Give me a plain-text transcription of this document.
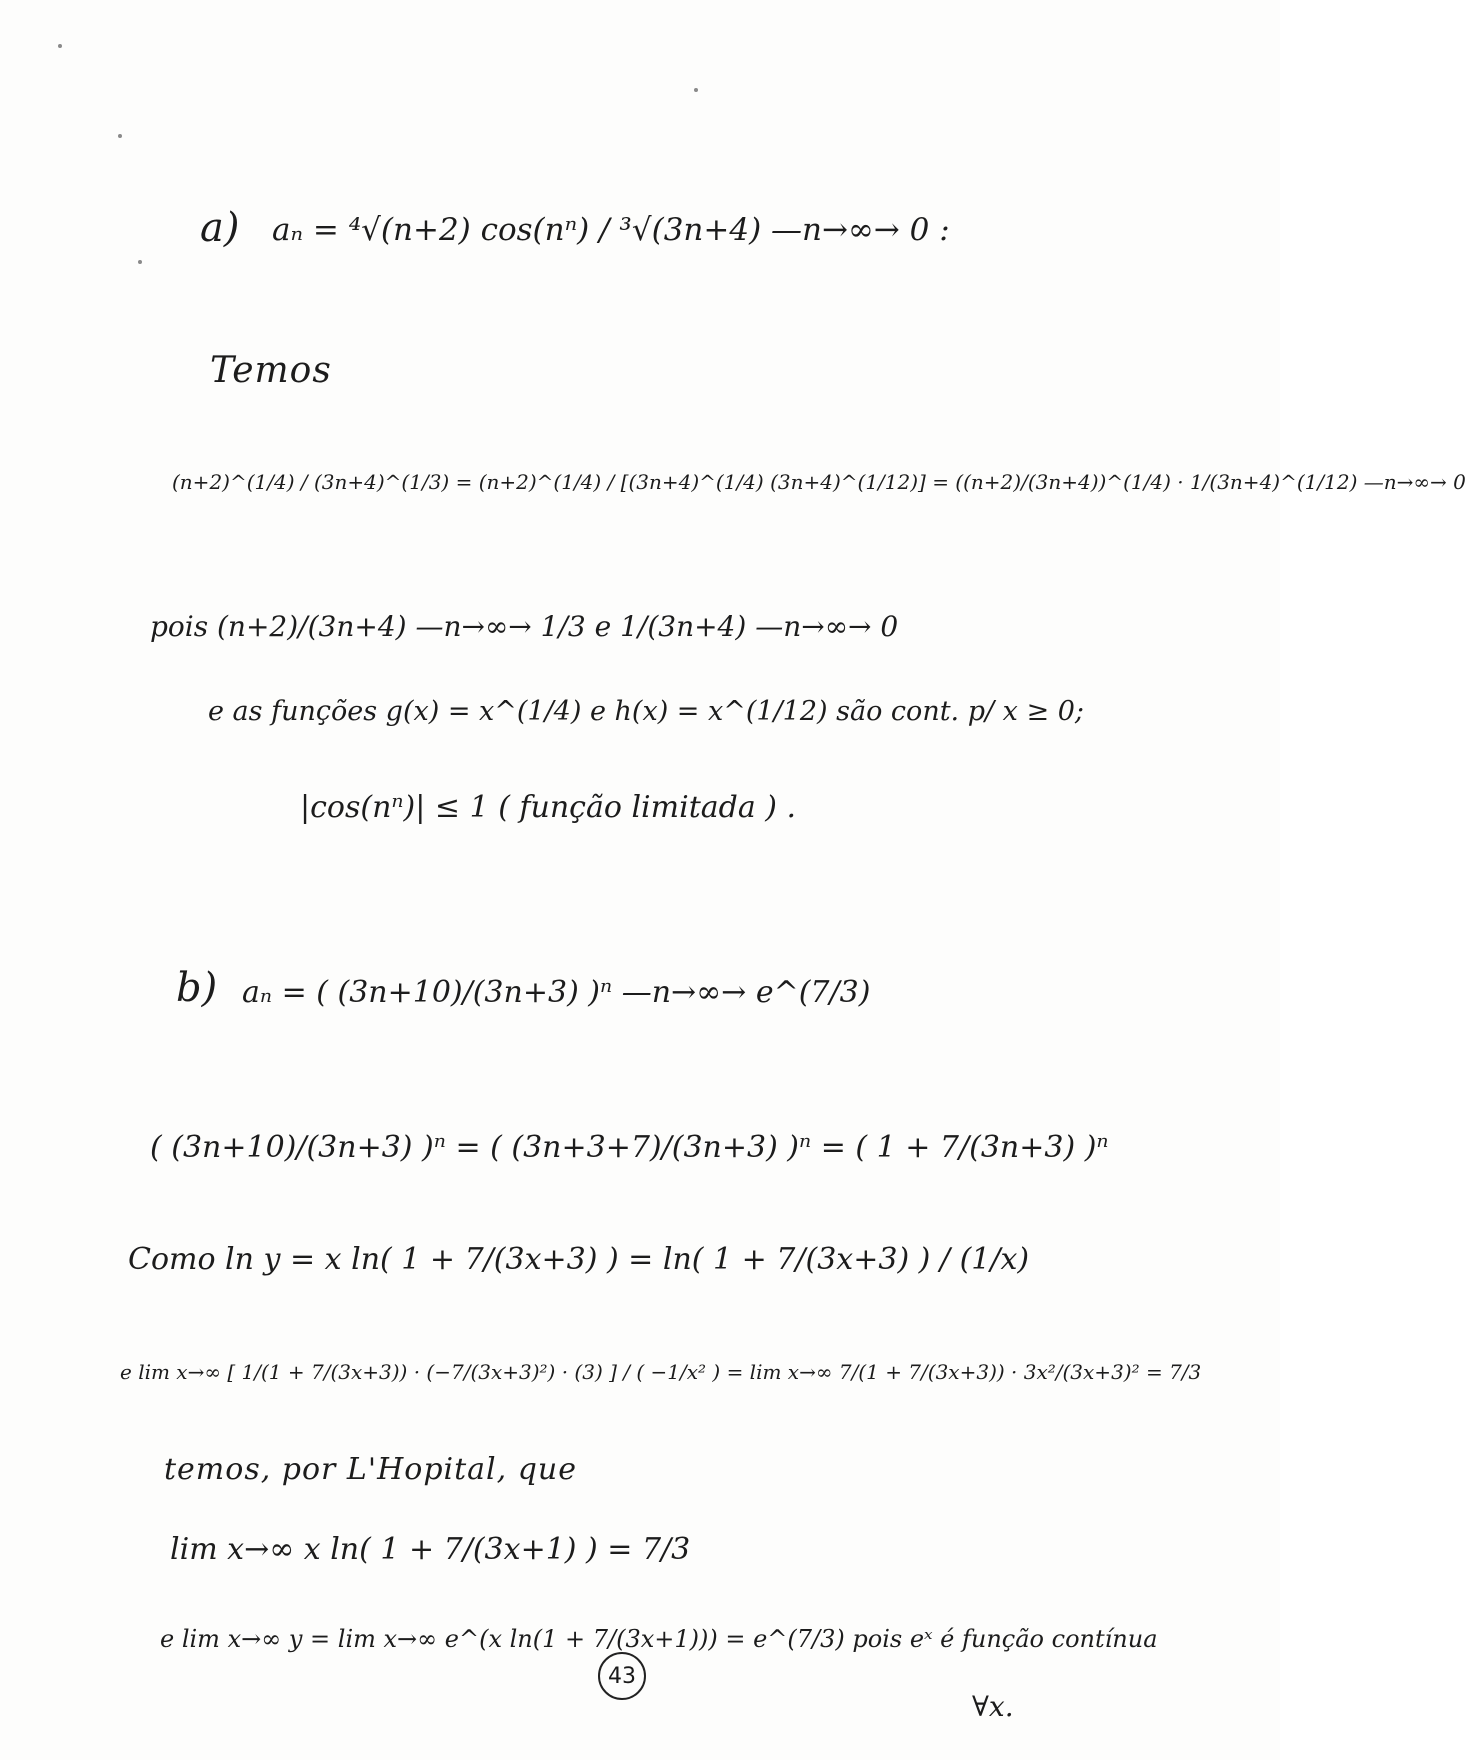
a) aₙ = ⁴√(n+2) cos(nⁿ) / ³√(3n+4) —n→∞→ 0 :
Temos
(n+2)^(1/4) / (3n+4)^(1/3) = (n+2)^(1/4) / [(3n+4)^(1/4) (3n+4)^(1/12)] = ((n+2)/(3n+4))^(1/4) · 1/(3n+4)^(1/12) —n→∞→ 0
pois (n+2)/(3n+4) —n→∞→ 1/3 e 1/(3n+4) —n→∞→ 0
e as funções g(x) = x^(1/4) e h(x) = x^(1/12) são cont. p/ x ≥ 0;
|cos(nⁿ)| ≤ 1 ( função limitada ) .
b) aₙ = ( (3n+10)/(3n+3) )ⁿ —n→∞→ e^(7/3)
( (3n+10)/(3n+3) )ⁿ = ( (3n+3+7)/(3n+3) )ⁿ = ( 1 + 7/(3n+3) )ⁿ
Como ln y = x ln( 1 + 7/(3x+3) ) = ln( 1 + 7/(3x+3) ) / (1/x)
e lim x→∞ [ 1/(1 + 7/(3x+3)) · (−7/(3x+3)²) · (3) ] / ( −1/x² ) = lim x→∞ 7/(1 + 7/(3x+3)) · 3x²/(3x+3)² = 7/3
temos, por L'Hopital, que
lim x→∞ x ln( 1 + 7/(3x+1) ) = 7/3
e lim x→∞ y = lim x→∞ e^(x ln(1 + 7/(3x+1))) = e^(7/3) pois eˣ é função contínua
∀x.
43
